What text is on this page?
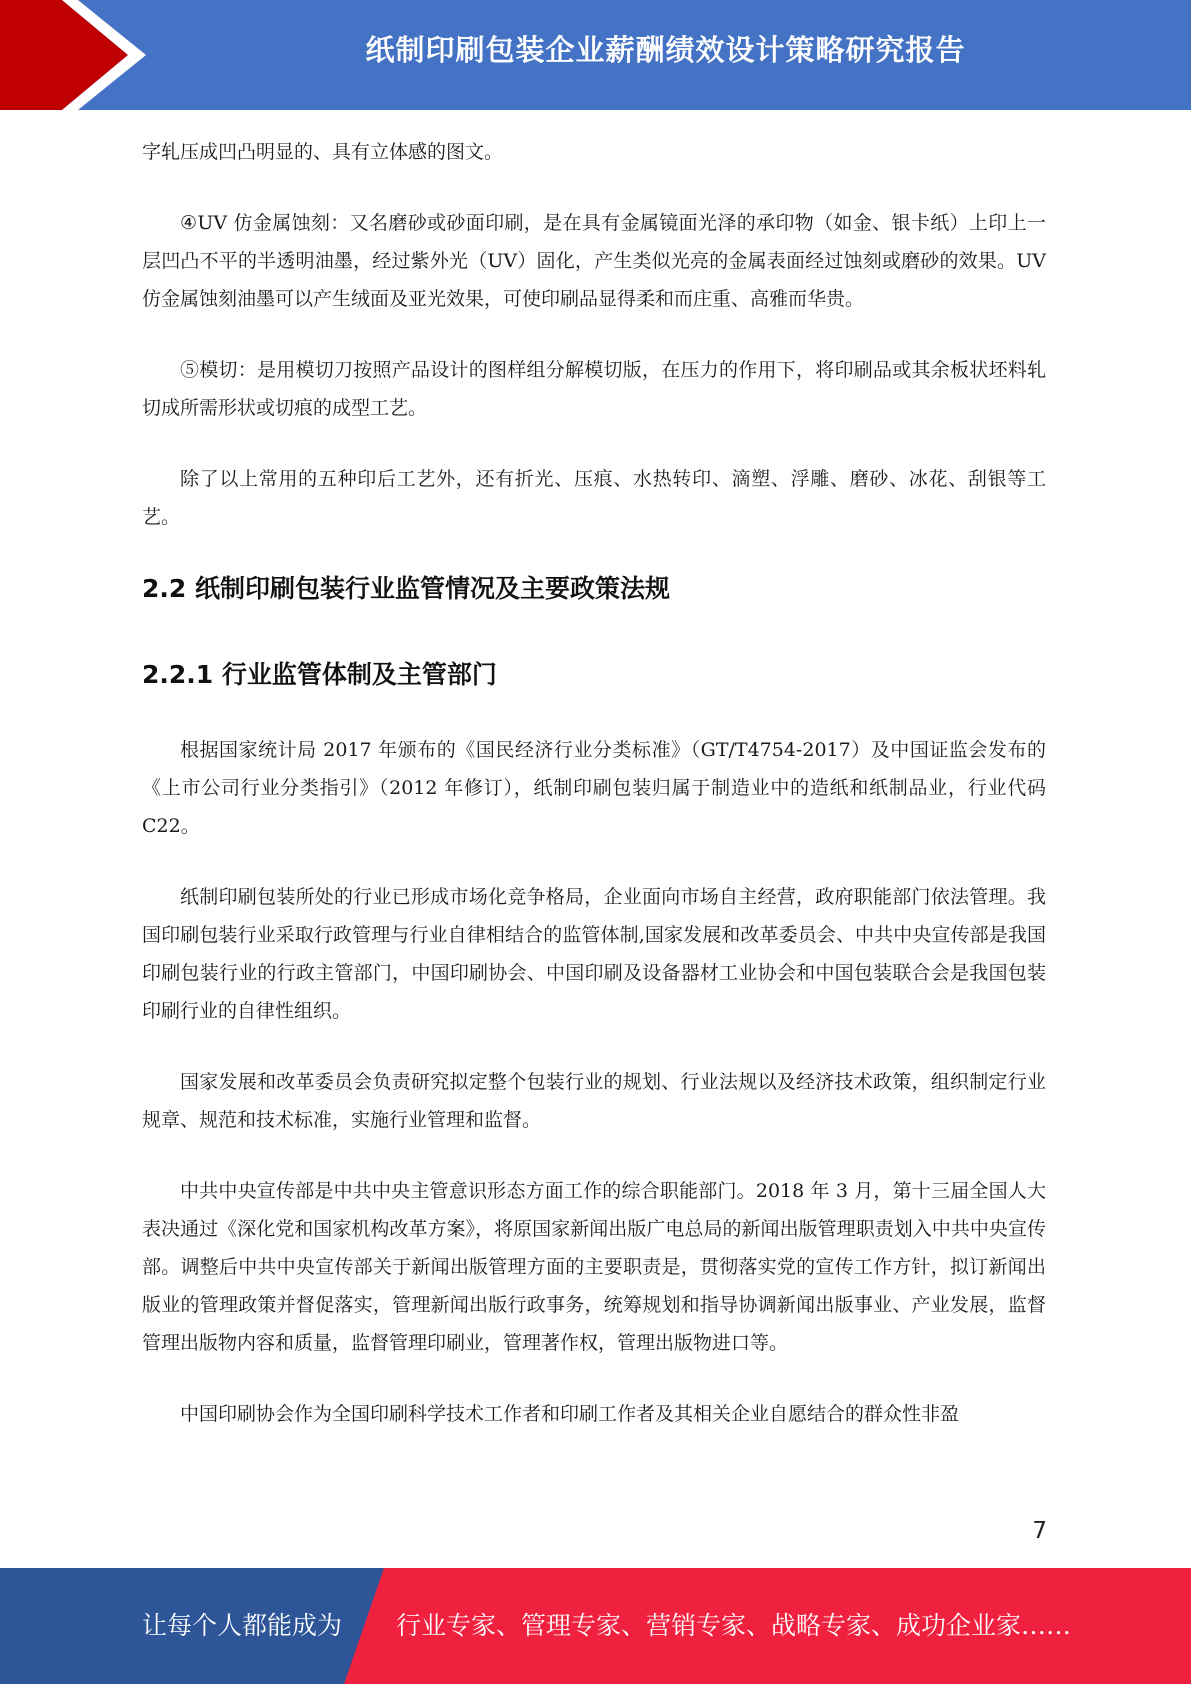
纸制印刷包装企业薪酬绩效设计策略研究报告

字轧压成凹凸明显的、具有立体感的图文。

④UV 仿金属蚀刻：又名磨砂或砂面印刷，是在具有金属镜面光泽的承印物（如金、银卡纸）上印上一层凹凸不平的半透明油墨，经过紫外光（UV）固化，产生类似光亮的金属表面经过蚀刻或磨砂的效果。UV 仿金属蚀刻油墨可以产生绒面及亚光效果，可使印刷品显得柔和而庄重、高雅而华贵。

⑤模切：是用模切刀按照产品设计的图样组分解模切版，在压力的作用下，将印刷品或其余板状坯料轧切成所需形状或切痕的成型工艺。

除了以上常用的五种印后工艺外，还有折光、压痕、水热转印、滴塑、浮雕、磨砂、冰花、刮银等工艺。

2.2 纸制印刷包装行业监管情况及主要政策法规
2.2.1 行业监管体制及主管部门

根据国家统计局 2017 年颁布的《国民经济行业分类标准》（GT/T4754-2017）及中国证监会发布的《上市公司行业分类指引》（2012 年修订），纸制印刷包装归属于制造业中的造纸和纸制品业，行业代码 C22。

纸制印刷包装所处的行业已形成市场化竞争格局，企业面向市场自主经营，政府职能部门依法管理。我国印刷包装行业采取行政管理与行业自律相结合的监管体制,国家发展和改革委员会、中共中央宣传部是我国印刷包装行业的行政主管部门，中国印刷协会、中国印刷及设备器材工业协会和中国包装联合会是我国包装印刷行业的自律性组织。

国家发展和改革委员会负责研究拟定整个包装行业的规划、行业法规以及经济技术政策，组织制定行业规章、规范和技术标准，实施行业管理和监督。

中共中央宣传部是中共中央主管意识形态方面工作的综合职能部门。2018 年 3 月，第十三届全国人大表决通过《深化党和国家机构改革方案》，将原国家新闻出版广电总局的新闻出版管理职责划入中共中央宣传部。调整后中共中央宣传部关于新闻出版管理方面的主要职责是，贯彻落实党的宣传工作方针，拟订新闻出版业的管理政策并督促落实，管理新闻出版行政事务，统筹规划和指导协调新闻出版事业、产业发展，监督管理出版物内容和质量，监督管理印刷业，管理著作权，管理出版物进口等。

中国印刷协会作为全国印刷科学技术工作者和印刷工作者及其相关企业自愿结合的群众性非盈

7
让每个人都能成为 行业专家、管理专家、营销专家、战略专家、成功企业家……
